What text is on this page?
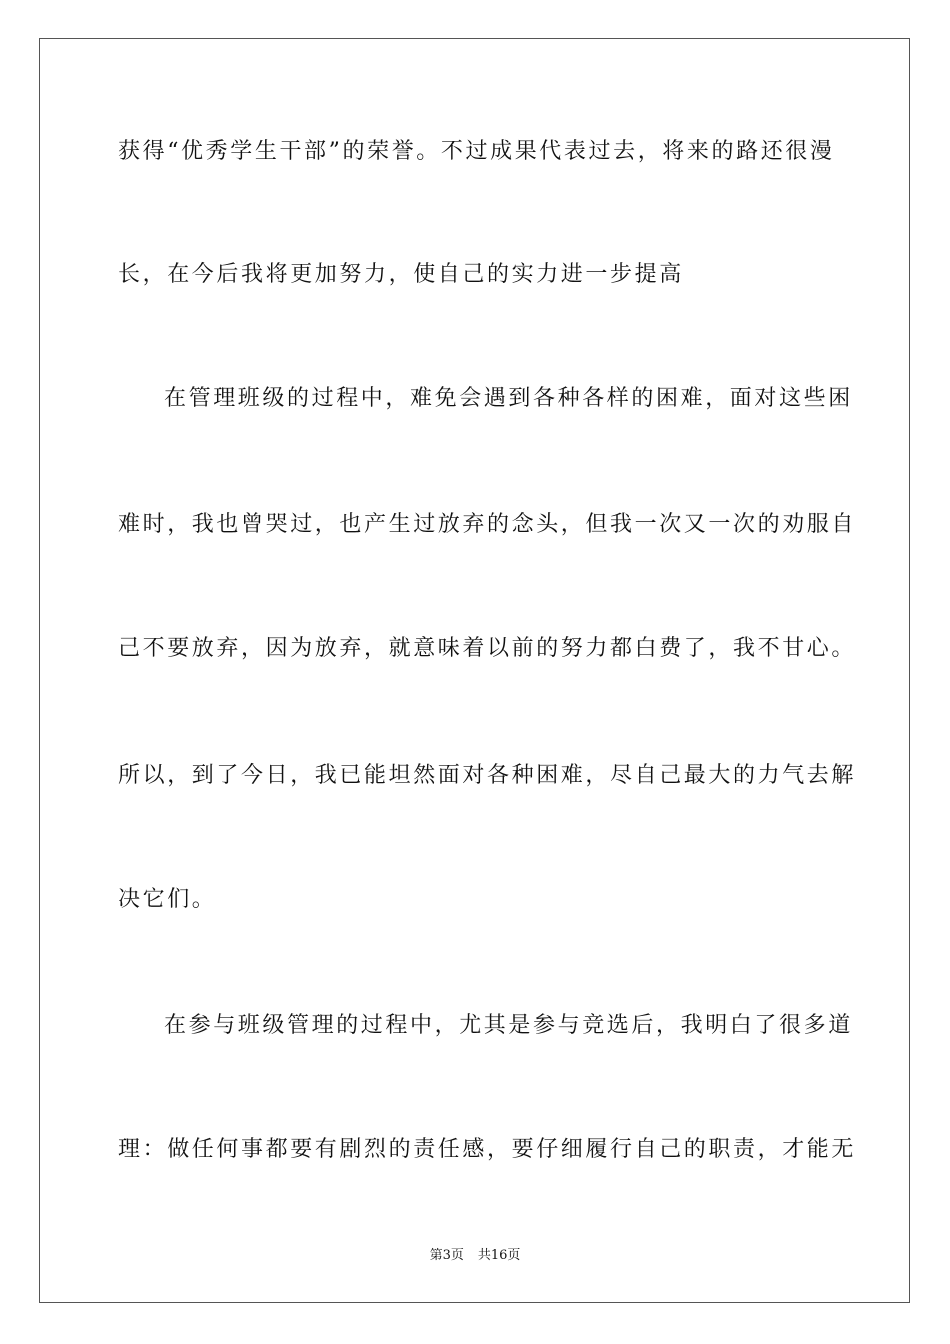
获得“优秀学生干部”的荣誉。不过成果代表过去，将来的路还很漫
长，在今后我将更加努力，使自己的实力进一步提高
在管理班级的过程中，难免会遇到各种各样的困难，面对这些困
难时，我也曾哭过，也产生过放弃的念头，但我一次又一次的劝服自
己不要放弃，因为放弃，就意味着以前的努力都白费了，我不甘心。
所以，到了今日，我已能坦然面对各种困难，尽自己最大的力气去解
决它们。
在参与班级管理的过程中，尤其是参与竞选后，我明白了很多道
理：做任何事都要有剧烈的责任感，要仔细履行自己的职责，才能无
第3页 共16页
